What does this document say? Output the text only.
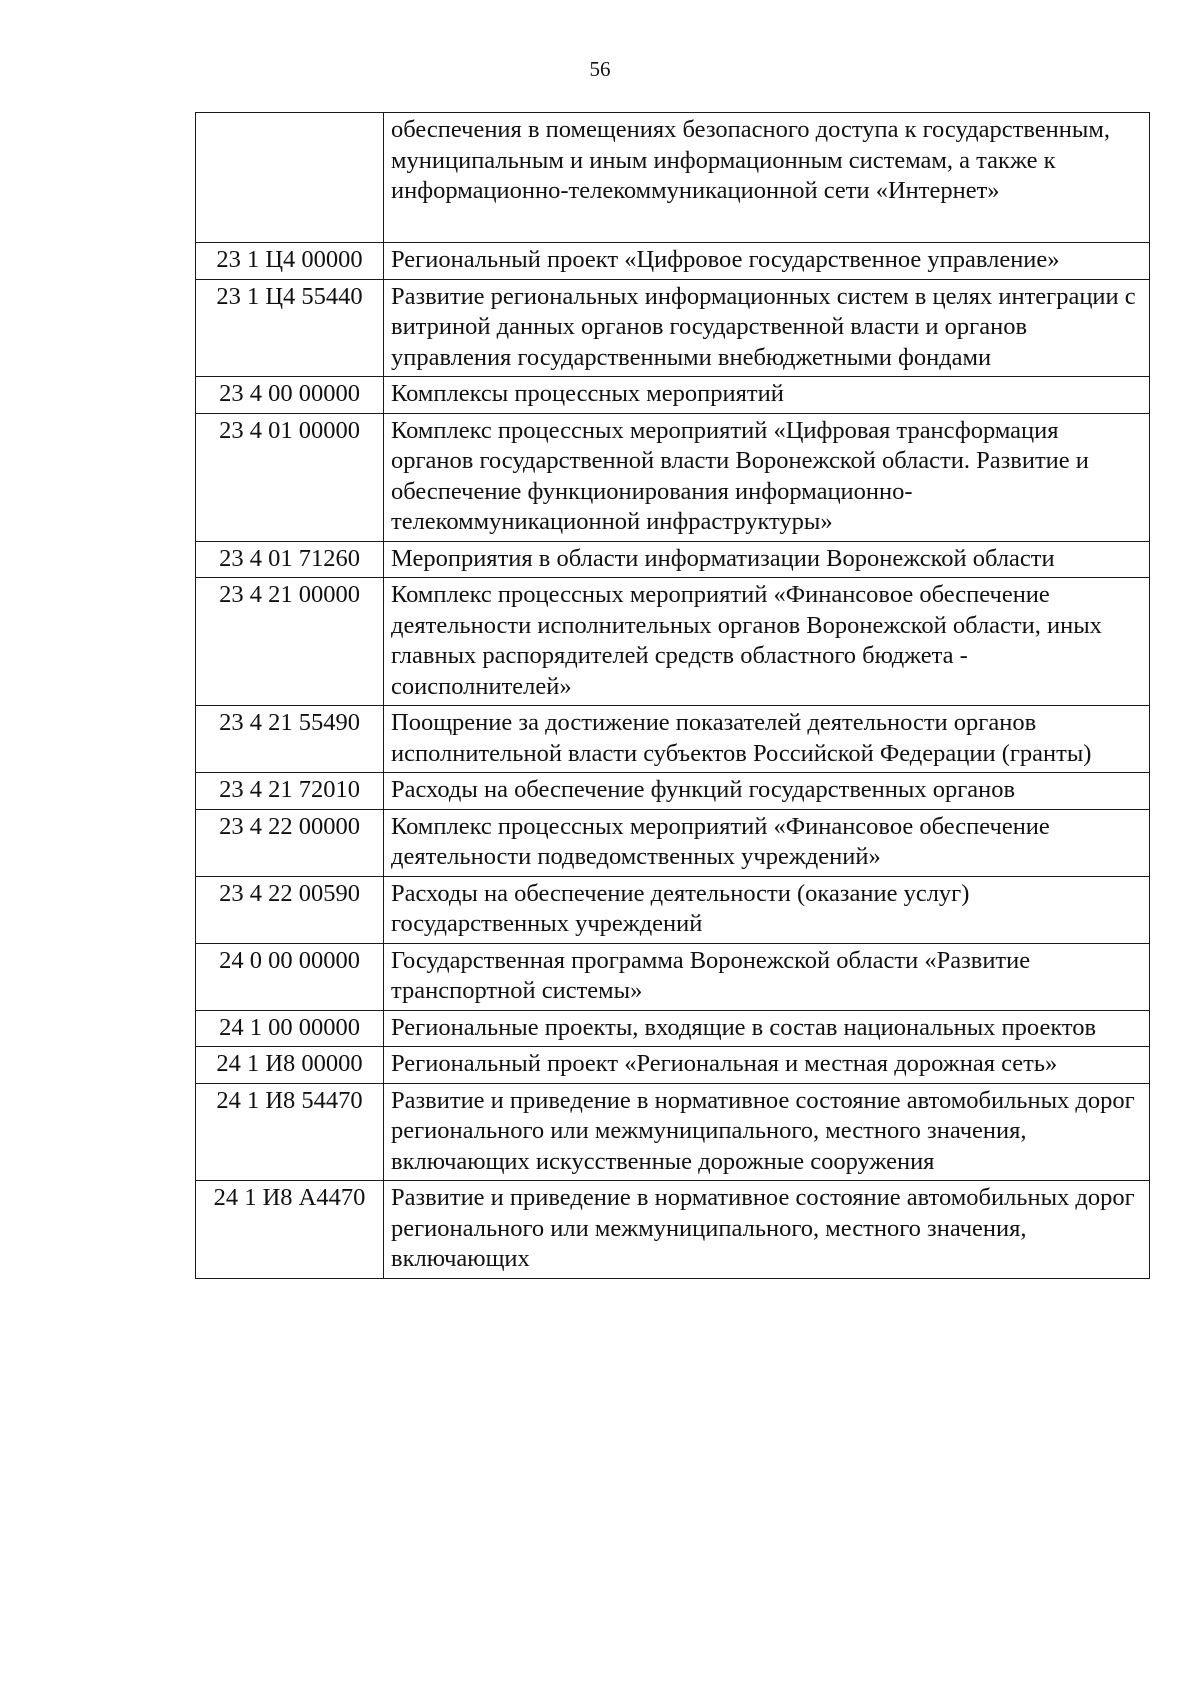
56
	обеспечения в помещениях безопасного доступа к государственным, муниципальным и иным информационным системам, а также к информационно-телекоммуникационной сети «Интернет»
23 1 Ц4 00000	Региональный проект «Цифровое государственное управление»
23 1 Ц4 55440	Развитие региональных информационных систем в целях интеграции с витриной данных органов государственной власти и органов управления государственными внебюджетными фондами
23 4 00 00000	Комплексы процессных мероприятий
23 4 01 00000	Комплекс процессных мероприятий «Цифровая трансформация органов государственной власти Воронежской области. Развитие и обеспечение функционирования информационно-телекоммуникационной инфраструктуры»
23 4 01 71260	Мероприятия в области информатизации Воронежской области
23 4 21 00000	Комплекс процессных мероприятий «Финансовое обеспечение деятельности исполнительных органов Воронежской области, иных главных распорядителей средств областного бюджета - соисполнителей»
23 4 21 55490	Поощрение за достижение показателей деятельности органов исполнительной власти субъектов Российской Федерации (гранты)
23 4 21 72010	Расходы на обеспечение функций государственных органов
23 4 22 00000	Комплекс процессных мероприятий «Финансовое обеспечение деятельности подведомственных учреждений»
23 4 22 00590	Расходы на обеспечение деятельности (оказание услуг) государственных учреждений
24 0 00 00000	Государственная программа Воронежской области «Развитие транспортной системы»
24 1 00 00000	Региональные проекты, входящие в состав национальных проектов
24 1 И8 00000	Региональный проект «Региональная и местная дорожная сеть»
24 1 И8 54470	Развитие и приведение в нормативное состояние автомобильных дорог регионального или межмуниципального, местного значения, включающих искусственные дорожные сооружения
24 1 И8 А4470	Развитие и приведение в нормативное состояние автомобильных дорог регионального или межмуниципального, местного значения, включающих
